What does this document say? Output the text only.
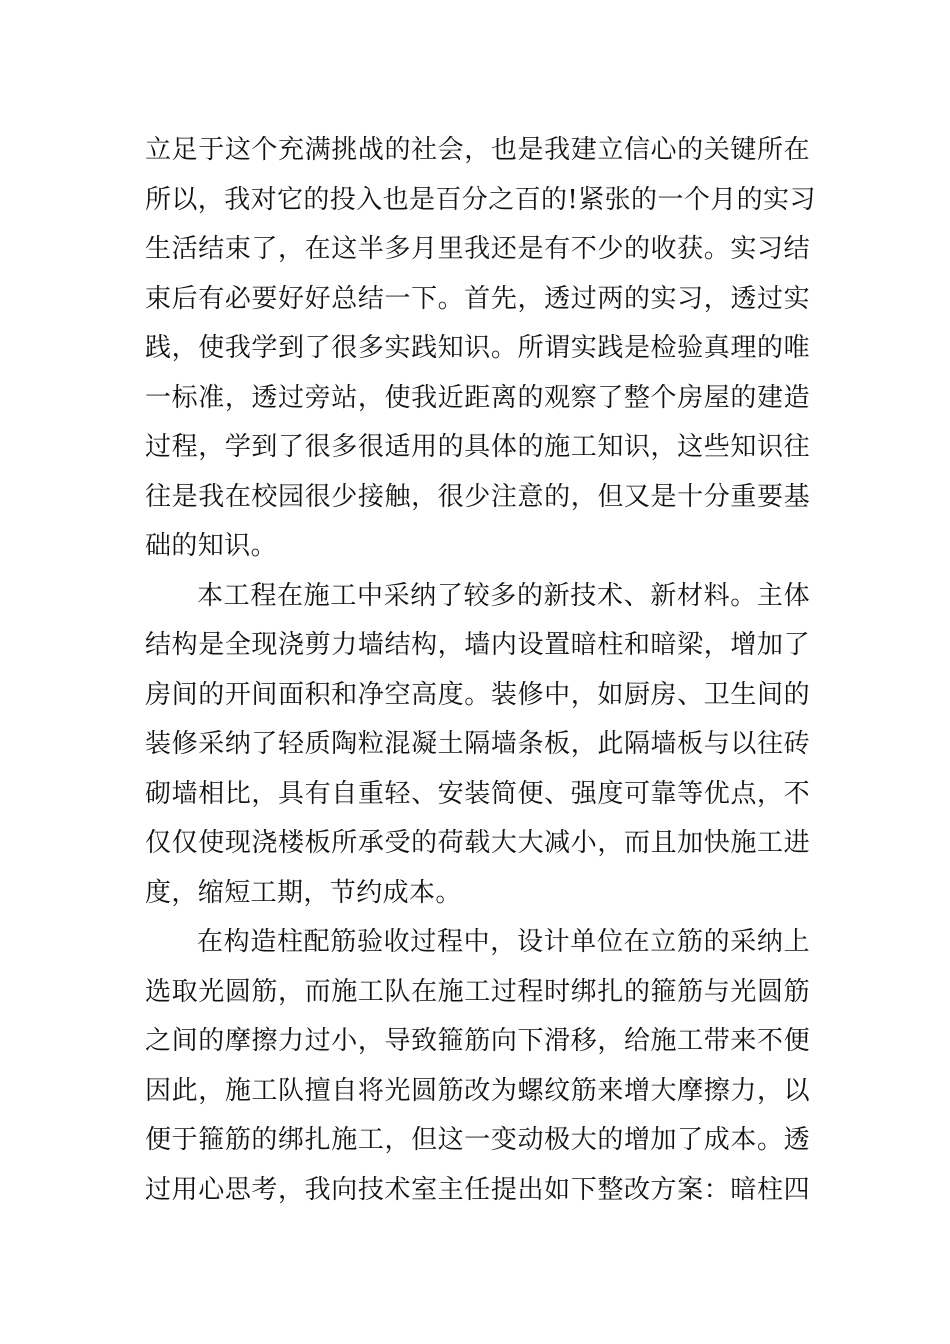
立足于这个充满挑战的社会，也是我建立信心的关键所在
所以，我对它的投入也是百分之百的!紧张的一个月的实习
生活结束了，在这半多月里我还是有不少的收获。实习结
束后有必要好好总结一下。首先，透过两的实习，透过实
践，使我学到了很多实践知识。所谓实践是检验真理的唯
一标准，透过旁站，使我近距离的观察了整个房屋的建造
过程，学到了很多很适用的具体的施工知识，这些知识往
往是我在校园很少接触，很少注意的，但又是十分重要基
础的知识。
本工程在施工中采纳了较多的新技术、新材料。主体
结构是全现浇剪力墙结构，墙内设置暗柱和暗梁，增加了
房间的开间面积和净空高度。装修中，如厨房、卫生间的
装修采纳了轻质陶粒混凝土隔墙条板，此隔墙板与以往砖
砌墙相比，具有自重轻、安装简便、强度可靠等优点，不
仅仅使现浇楼板所承受的荷载大大减小，而且加快施工进
度，缩短工期，节约成本。
在构造柱配筋验收过程中，设计单位在立筋的采纳上
选取光圆筋，而施工队在施工过程时绑扎的箍筋与光圆筋
之间的摩擦力过小，导致箍筋向下滑移，给施工带来不便
因此，施工队擅自将光圆筋改为螺纹筋来增大摩擦力，以
便于箍筋的绑扎施工，但这一变动极大的增加了成本。透
过用心思考，我向技术室主任提出如下整改方案：暗柱四
